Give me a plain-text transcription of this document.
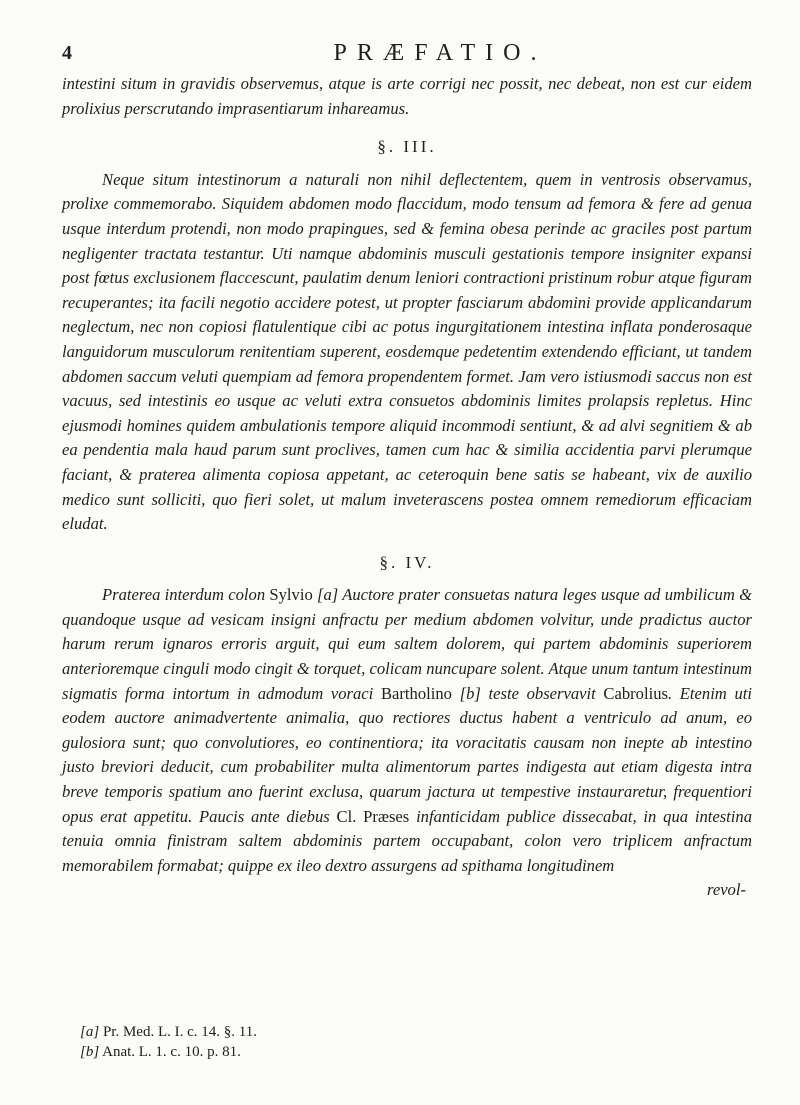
4	PRÆFATIO.

intestini situm in gravidis observemus, atque is arte corrigi nec possit, nec debeat, non est cur eidem prolixius perscrutando imprasentiarum inhareamus.

§. III.

Neque situm intestinorum a naturali non nihil deflectentem, quem in ventrosis observamus, prolixe commemorabo. Siquidem abdomen modo flaccidum, modo tensum ad femora & fere ad genua usque interdum protendi, non modo prapingues, sed & femina obesa perinde ac graciles post partum negligenter tractata testantur. Uti namque abdominis musculi gestationis tempore insigniter expansi post fœtus exclusionem flaccescunt, paulatim denum leniori contractioni pristinum robur atque figuram recuperantes; ita facili negotio accidere potest, ut propter fasciarum abdomini provide applicandarum neglectum, nec non copiosi flatulentique cibi ac potus ingurgitationem intestina inflata ponderosaque languidorum musculorum renitentiam superent, eosdemque pedetentim extendendo efficiant, ut tandem abdomen saccum veluti quempiam ad femora propendentem formet. Jam vero istiusmodi saccus non est vacuus, sed intestinis eo usque ac veluti extra consuetos abdominis limites prolapsis repletus. Hinc ejusmodi homines quidem ambulationis tempore aliquid incommodi sentiunt, & ad alvi segnitiem & ab ea pendentia mala haud parum sunt proclives, tamen cum hac & similia accidentia parvi plerumque faciant, & praterea alimenta copiosa appetant, ac ceteroquin bene satis se habeant, vix de auxilio medico sunt solliciti, quo fieri solet, ut malum inveterascens postea omnem remediorum efficaciam eludat.

§. IV.

Praterea interdum colon Sylvio [a] Auctore prater consuetas natura leges usque ad umbilicum & quandoque usque ad vesicam insigni anfractu per medium abdomen volvitur, unde pradictus auctor harum rerum ignaros erroris arguit, qui eum saltem dolorem, qui partem abdominis superiorem anterioremque cinguli modo cingit & torquet, colicam nuncupare solent. Atque unum tantum intestinum sigmatis forma intortum in admodum voraci Bartholino [b] teste observavit Cabrolius. Etenim uti eodem auctore animadvertente animalia, quo rectiores ductus habent a ventriculo ad anum, eo gulosiora sunt; quo convolutiores, eo continentiora; ita voracitatis causam non inepte ab intestino justo breviori deducit, cum probabiliter multa alimentorum partes indigesta aut etiam digesta intra breve temporis spatium ano fuerint exclusa, quarum jactura ut tempestive instauraretur, frequentiori opus erat appetitu. Paucis ante diebus Cl. Præses infanticidam publice dissecabat, in qua intestina tenuia omnia finistram saltem abdominis partem occupabant, colon vero triplicem anfractum memorabilem formabat; quippe ex ileo dextro assurgens ad spithama longitudinem

revol-
[a] Pr. Med. L. I. c. 14. §. 11.
[b] Anat. L. 1. c. 10. p. 81.
